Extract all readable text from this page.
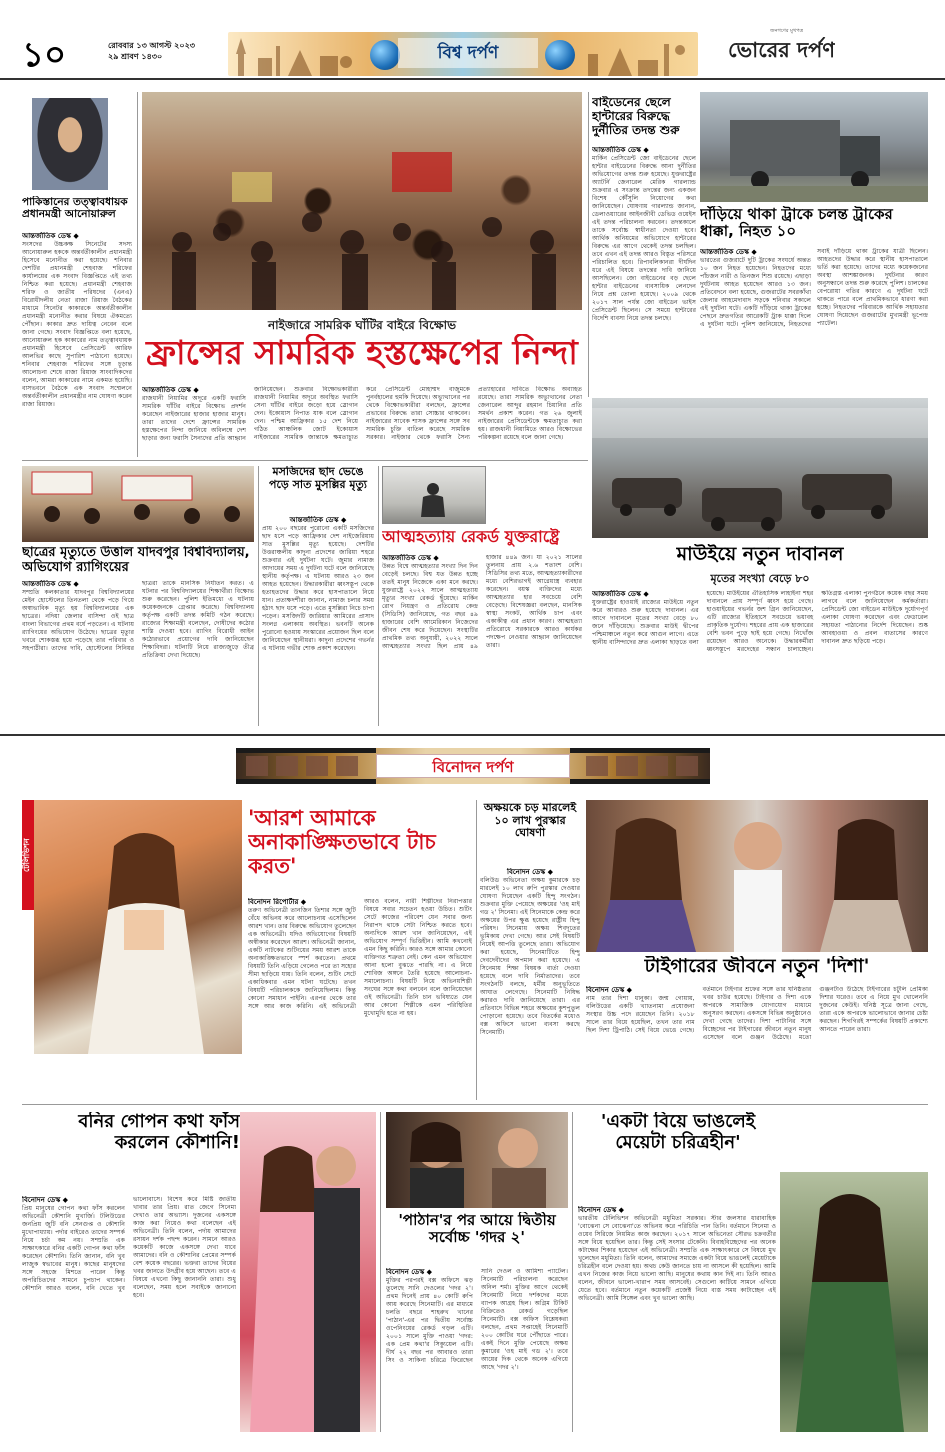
১০	রোববার ১৩ আগস্ট ২০২৩
২৯ শ্রাবণ ১৪৩০	বিশ্ব দর্পণ
জনগণের মুখপত্র
ভোরের দর্পণ
পাকিস্তানের তত্ত্বাবধায়ক প্রধানমন্ত্রী আনোয়ারুল
আন্তর্জাতিক ডেস্ক ◆
সংসদের উচ্চকক্ষ সিনেটের সদস্য আনোয়ারুল হককে অন্তর্বর্তীকালীন প্রধানমন্ত্রী হিসেবে মনোনীত করা হয়েছে। শনিবার দেশটির প্রধানমন্ত্রী শেহবাজ শরিফের কার্যালয়ের এক সংবাদ বিজ্ঞপ্তিতে এই তথ্য নিশ্চিত করা হয়েছে। প্রধানমন্ত্রী শেহবাজ শরিফ ও জাতীয় পরিষদের (এনএ) বিরোধীদলীয় নেতা রাজা রিয়াজ বৈঠকের মাধ্যমে সিনেটর কাকারকে অন্তর্বর্তীকালীন প্রধানমন্ত্রী মনোনীত করার বিষয়ে ঐকমত্যে পৌঁছান। কাকার দ্রুত দায়িত্ব নেবেন বলে জানা গেছে। সংবাদ বিজ্ঞপ্তিতে বলা হয়েছে, আনোয়ারুল হক কাকারের নাম তত্ত্বাবধায়ক প্রধানমন্ত্রী হিসেবে প্রেসিডেন্ট আরিফ আলভির কাছে সুপারিশ পাঠানো হয়েছে। শনিবার শেহবাজ শরিফের সঙ্গে চূড়ান্ত আলোচনা শেষে রাজা রিয়াজ সাংবাদিকদের বলেন, আমরা কাকারের নামে একমত হয়েছি। বাসভবনে বৈঠকে এক সংবাদ সম্মেলনে অন্তর্বর্তীকালীন প্রধানমন্ত্রীর নাম ঘোষণা করেন রাজা রিয়াজ।
নাইজারে সামরিক ঘাঁটির বাইরে বিক্ষোভ
ফ্রান্সের সামরিক হস্তক্ষেপের নিন্দা
আন্তর্জাতিক ডেস্ক ◆
রাজধানী নিয়ামির অদূরে একটি ফরাসি সামরিক ঘাঁটির বাইরে বিক্ষোভ প্রদর্শন করেছেন নাইজারের হাজার হাজার মানুষ। তারা তাদের দেশে ফ্রান্সের সামরিক হস্তক্ষেপের নিন্দা জানিয়ে অবিলম্বে দেশ ছাড়ার জন্য ফরাসি সৈন্যদের প্রতি আহ্বান জানিয়েছেন। শুক্রবার বিক্ষোভকারীরা রাজধানী নিয়ামির অদূরে অবস্থিত ফরাসি সেনা ঘাঁটির বাইরে জড়ো হয়ে স্লোগান দেন। ইকোয়াস নিপাত যাক বলে স্লোগান দেন। পশ্চিম আফ্রিকার ১৫ দেশ নিয়ে গঠিত আঞ্চলিক জোট ইকোয়াস নাইজারের সামরিক জান্তাকে ক্ষমতাচ্যুত করে প্রেসিডেন্ট মোহাম্মদ বাজুমকে পুনর্বহালের হুমকি দিয়েছে। অভ্যুত্থানের পর থেকে বিক্ষোভকারীরা বলছেন, ফ্রান্সের প্রভাবের বিরুদ্ধে তারা সোচ্চার থাকবেন। নাইজারের সাবেক শাসক ফ্রান্সের সঙ্গে সব সামরিক চুক্তি বাতিল করেছে সামরিক সরকার। নাইজার থেকে ফরাসি সৈন্য প্রত্যাহারের দাবিতে বিক্ষোভ অব্যাহত রয়েছে। তারা সামরিক অভ্যুত্থানের নেতা জেনারেল আব্দুর রহমান চিয়ানির প্রতি সমর্থন প্রকাশ করেন। গত ২৬ জুলাই নাইজারের প্রেসিডেন্টকে ক্ষমতাচ্যুত করা হয়। রাজধানী নিয়ামিতে আরও বিক্ষোভের পরিকল্পনা রয়েছে বলে জানা গেছে।
বাইডেনের ছেলে হান্টারের বিরুদ্ধে দুর্নীতির তদন্ত শুরু
আন্তর্জাতিক ডেস্ক ◆
মার্কিন প্রেসিডেন্ট জো বাইডেনের ছেলে হান্টার বাইডেনের বিরুদ্ধে আনা দুর্নীতির অভিযোগের তদন্ত শুরু হয়েছে। যুক্তরাষ্ট্রের অ্যাটর্নি জেনারেল মেরিক গারল্যান্ড শুক্রবার এ সংক্রান্ত তদন্তের জন্য একজন বিশেষ কৌঁসুলি নিয়োগের কথা জানিয়েছেন। ঘোষণায় গারল্যান্ড জানান, ডেলাওয়্যারের আইনজীবী ডেভিড ওয়েইস এই তদন্ত পরিচালনা করবেন। তদন্তকালে তাকে সর্বোচ্চ স্বাধীনতা দেওয়া হবে। আর্থিক অনিয়মের অভিযোগে হান্টারের বিরুদ্ধে এর আগে থেকেই তদন্ত চলছিল। তবে এখন এই তদন্ত আরও বিস্তৃত পরিসরে পরিচালিত হবে। রিপাবলিকানরা দীর্ঘদিন ধরে এই বিষয়ে তদন্তের দাবি জানিয়ে আসছিলেন। জো বাইডেনের বড় ছেলে হান্টার বাইডেনের ব্যবসায়িক লেনদেন নিয়ে প্রশ্ন তোলা হয়েছে। ২০০৯ থেকে ২০১৭ সাল পর্যন্ত জো বাইডেন ভাইস প্রেসিডেন্ট ছিলেন। সে সময়ে হান্টারের বিদেশি ব্যবসা নিয়ে তদন্ত চলছে।
দাঁড়িয়ে থাকা ট্রাকে চলন্ত ট্রাকের ধাক্কা, নিহত ১০
আন্তর্জাতিক ডেস্ক ◆
ভারতের গুজরাটে দুটি ট্রাকের সংঘর্ষে অন্তত ১০ জন নিহত হয়েছেন। নিহতদের মধ্যে পাঁচজন নারী ও তিনজন শিশু রয়েছে। এছাড়া দুর্ঘটনায় আহত হয়েছেন আরও ১৩ জন। প্রতিবেদনে বলা হয়েছে, গুজরাটের সবরকাঁথা জেলার আহমেদাবাদ সড়কে শনিবার সকালে এই দুর্ঘটনা ঘটে। একটি দাঁড়িয়ে থাকা ট্রাকের পেছনে দ্রুতগতির আরেকটি ট্রাক ধাক্কা দিলে এ দুর্ঘটনা ঘটে। পুলিশ জানিয়েছে, নিহতদের সবাই দাঁড়িয়ে থাকা ট্রাকের যাত্রী ছিলেন। আহতদের উদ্ধার করে স্থানীয় হাসপাতালে ভর্তি করা হয়েছে। তাদের মধ্যে কয়েকজনের অবস্থা আশঙ্কাজনক। দুর্ঘটনার কারণ অনুসন্ধানে তদন্ত শুরু করেছে পুলিশ। চালকের বেপরোয়া গতির কারণে এ দুর্ঘটনা ঘটে থাকতে পারে বলে প্রাথমিকভাবে ধারণা করা হচ্ছে। নিহতদের পরিবারকে আর্থিক সহায়তার ঘোষণা দিয়েছেন গুজরাটের মুখ্যমন্ত্রী ভূপেন্দ্র প্যাটেল।
ছাত্রের মৃত্যুতে উত্তাল যাদবপুর বিশ্ববিদ্যালয়, অভিযোগ র‍্যাগিংয়ের
আন্তর্জাতিক ডেস্ক ◆
সম্প্রতি কলকাতার যাদবপুর বিশ্ববিদ্যালয়ের মেইন হোস্টেলের তিনতলা থেকে পড়ে গিয়ে অস্বাভাবিক মৃত্যু হয় বিশ্ববিদ্যালয়ের এক ছাত্রের। নদিয়া জেলার বাসিন্দা ওই ছাত্র বাংলা বিভাগের প্রথম বর্ষে পড়তেন। এ ঘটনায় র‍্যাগিংয়ের অভিযোগ উঠেছে। ছাত্রের মৃত্যুর খবরে শোকস্তব্ধ হয়ে পড়েছে তার পরিবার ও সহপাঠীরা। তাদের দাবি, হোস্টেলের সিনিয়র ছাত্ররা তাকে মানসিক নির্যাতন করত। এ ঘটনার পর বিশ্ববিদ্যালয়ের শিক্ষার্থীরা বিক্ষোভ শুরু করেছেন। পুলিশ ইতিমধ্যে এ ঘটনায় কয়েকজনকে গ্রেপ্তার করেছে। বিশ্ববিদ্যালয় কর্তৃপক্ষ একটি তদন্ত কমিটি গঠন করেছে। রাজ্যের শিক্ষামন্ত্রী বলেছেন, দোষীদের কঠোর শাস্তি দেওয়া হবে। র‍্যাগিং বিরোধী আইন কঠোরভাবে প্রয়োগের দাবি জানিয়েছেন শিক্ষাবিদরা। ঘটনাটি নিয়ে রাজ্যজুড়ে তীব্র প্রতিক্রিয়া দেখা দিয়েছে।
মসজিদের ছাদ ভেঙে পড়ে সাত মুসল্লির মৃত্যু
আন্তর্জাতিক ডেস্ক ◆
প্রায় ২০০ বছরের পুরোনো একটি মসজিদের ছাদ ধসে পড়ে আফ্রিকার দেশ নাইজেরিয়ায় সাত মুসল্লির মৃত্যু হয়েছে। দেশটির উত্তরাঞ্চলীয় কাদুনা প্রদেশের জারিয়া শহরে শুক্রবার এই দুর্ঘটনা ঘটে। জুমার নামাজ আদায়ের সময় এ দুর্ঘটনা ঘটে বলে জানিয়েছে স্থানীয় কর্তৃপক্ষ। এ ঘটনায় আরও ২৩ জন আহত হয়েছেন। উদ্ধারকারীরা ধ্বংসস্তূপ থেকে হতাহতদের উদ্ধার করে হাসপাতালে নিয়ে যান। প্রত্যক্ষদর্শীরা জানান, নামাজ চলার সময় হঠাৎ ছাদ ধসে পড়ে। এতে মুসল্লিরা নিচে চাপা পড়েন। মসজিদটি জারিয়ার আমিরের প্রাসাদ সংলগ্ন এলাকায় অবস্থিত। ভবনটি অনেক পুরোনো হওয়ায় সংস্কারের প্রয়োজন ছিল বলে জানিয়েছেন স্থানীয়রা। কাদুনা প্রদেশের গভর্নর এ ঘটনায় গভীর শোক প্রকাশ করেছেন।
আত্মহত্যায় রেকর্ড যুক্তরাষ্ট্রে
আন্তর্জাতিক ডেস্ক ◆
উন্নত বিশ্বে আত্মহত্যার সংখ্যা দিন দিন বেড়েই চলছে। বিশ্ব যত উন্নত হচ্ছে ততই মানুষ নিজেকে একা মনে করছে। যুক্তরাষ্ট্রে ২০২২ সালে আত্মহত্যায় মৃত্যুর সংখ্যা রেকর্ড ছুঁয়েছে। মার্কিন রোগ নিয়ন্ত্রণ ও প্রতিরোধ কেন্দ্র (সিডিসি) জানিয়েছে, গত বছর ৪৯ হাজারের বেশি আমেরিকান নিজেদের জীবন শেষ করে দিয়েছেন। সংস্থাটির প্রাথমিক তথ্য অনুযায়ী, ২০২২ সালে আত্মহত্যার সংখ্যা ছিল প্রায় ৪৯ হাজার ৪৪৯ জন। যা ২০২১ সালের তুলনায় প্রায় ২.৬ শতাংশ বেশি। সিডিসির তথ্য মতে, আত্মহত্যাকারীদের মধ্যে বেশিরভাগই আগ্নেয়াস্ত্র ব্যবহার করেছেন। বয়স্ক ব্যক্তিদের মধ্যে আত্মহত্যার হার সবচেয়ে বেশি বেড়েছে। বিশেষজ্ঞরা বলছেন, মানসিক স্বাস্থ্য সংকট, আর্থিক চাপ এবং একাকীত্ব এর প্রধান কারণ। আত্মহত্যা প্রতিরোধে সরকারকে আরও কার্যকর পদক্ষেপ নেওয়ার আহ্বান জানিয়েছেন তারা।
মাউইয়ে নতুন দাবানল
মৃতের সংখ্যা বেড়ে ৮০
আন্তর্জাতিক ডেস্ক ◆
যুক্তরাষ্ট্রের হাওয়াই রাজ্যের মাউইয়ে নতুন করে আবারও শুরু হয়েছে দাবানল। এর আগে দাবানলে মৃতের সংখ্যা বেড়ে ৮০ জনে দাঁড়িয়েছে। শুক্রবার মাউই দ্বীপের পশ্চিমাঞ্চলে নতুন করে আগুন লাগে। এতে স্থানীয় বাসিন্দাদের দ্রুত এলাকা ছাড়তে বলা হয়েছে। মাউইয়ের ঐতিহাসিক লাহাইনা শহর দাবানলে প্রায় সম্পূর্ণ ধ্বংস হয়ে গেছে। হাওয়াইয়ের গভর্নর জশ গ্রিন জানিয়েছেন, এটি রাজ্যের ইতিহাসে সবচেয়ে ভয়াবহ প্রাকৃতিক দুর্যোগ। শহরের প্রায় এক হাজারের বেশি ভবন পুড়ে ছাই হয়ে গেছে। নিখোঁজ রয়েছেন আরও অনেকে। উদ্ধারকর্মীরা ধ্বংসস্তূপে মরদেহের সন্ধান চালাচ্ছেন। ক্ষতিগ্রস্ত এলাকা পুনর্গঠনে কয়েক বছর সময় লাগবে বলে জানিয়েছেন কর্মকর্তারা। প্রেসিডেন্ট জো বাইডেন মাউইকে দুর্যোগপূর্ণ এলাকা ঘোষণা করেছেন এবং ফেডারেল সহায়তা পাঠানোর নির্দেশ দিয়েছেন। শুষ্ক আবহাওয়া ও প্রবল বাতাসের কারণে দাবানল দ্রুত ছড়িয়ে পড়ে।
বিনোদন দর্পণ
টেলিভিশন
'আরশ আমাকে অনাকাঙ্ক্ষিতভাবে টাচ করত'
বিনোদন রিপোর্টার ◆
তরুণ অভিনেত্রী তানজিন তিশার সঙ্গে জুটি বেঁধে অভিনয় করে আলোচনায় এসেছিলেন আরশ খান। তার বিরুদ্ধে অভিযোগ তুলেছেন এক অভিনেত্রী। যদিও অভিযোগের বিষয়টি অস্বীকার করেছেন আরশ। অভিনেত্রী জানান, একটি নাটকের শুটিংয়ের সময় আরশ তাকে অনাকাঙ্ক্ষিতভাবে স্পর্শ করতেন। প্রথমে বিষয়টি তিনি এড়িয়ে গেলেও পরে তা সহ্যের সীমা ছাড়িয়ে যায়। তিনি বলেন, শুটিং সেটে একাধিকবার এমন ঘটনা ঘটেছে। তখন বিষয়টি পরিচালককে জানিয়েছিলাম। কিন্তু কোনো সমাধান পাইনি। এরপর থেকে তার সঙ্গে আর কাজ করিনি। এই অভিনেত্রী আরও বলেন, নারী শিল্পীদের নিরাপত্তার বিষয়ে সবার সচেতন হওয়া উচিত। শুটিং সেটে কাজের পরিবেশ যেন সবার জন্য নিরাপদ থাকে সেটা নিশ্চিত করতে হবে। অন্যদিকে আরশ খান জানিয়েছেন, এই অভিযোগ সম্পূর্ণ ভিত্তিহীন। আমি কখনোই এমন কিছু করিনি। কারও সঙ্গে আমার কোনো ব্যক্তিগত শত্রুতা নেই। কেন এমন অভিযোগ আনা হলো বুঝতে পারছি না। এ নিয়ে শোবিজ অঙ্গনে তৈরি হয়েছে আলোচনা-সমালোচনা। বিষয়টি নিয়ে অভিনয়শিল্পী সংঘের সঙ্গে কথা বলবেন বলে জানিয়েছেন ওই অভিনেত্রী। তিনি চান ভবিষ্যতে যেন আর কোনো শিল্পীকে এমন পরিস্থিতির মুখোমুখি হতে না হয়।
অক্ষয়কে চড় মারলেই ১০ লাখ পুরস্কার ঘোষণা
বিনোদন ডেস্ক ◆
বলিউড অভিনেতা অক্ষয় কুমারকে চড় মারলেই ১০ লাখ রুপি পুরস্কার দেওয়ার ঘোষণা দিয়েছেন একটি হিন্দু সংগঠন। শুক্রবার মুক্তি পেয়েছে অক্ষয়ের 'ওহ মাই গড ২' সিনেমা। এই সিনেমাকে কেন্দ্র করে অক্ষয়ের উপর ক্ষুব্ধ হয়েছে রাষ্ট্রীয় হিন্দু পরিষদ। সিনেমায় অক্ষয় শিবদূতের ভূমিকায় দেখা গেছে। আর সেই বিষয়টি নিয়েই আপত্তি তুলেছে তারা। অভিযোগ করা হয়েছে, সিনেমাটিতে হিন্দু দেবদেবীদের অপমান করা হয়েছে। এ সিনেমায় শিক্ষা বিষয়ক বার্তা দেওয়া হয়েছে বলে দাবি নির্মাতাদের। তবে সংগঠনটি বলছে, ধর্মীয় অনুভূতিতে আঘাত লেগেছে। সিনেমাটি নিষিদ্ধ করারও দাবি জানিয়েছে তারা। এর প্রতিবাদে বিভিন্ন শহরে অক্ষয়ের কুশপুতুল পোড়ানো হয়েছে। তবে বিতর্কের মধ্যেও বক্স অফিসে ভালো ব্যবসা করছে সিনেমাটি।
টাইগারের জীবনে নতুন 'দিশা'
বিনোদন ডেস্ক ◆
নাম তার দিশা ধানুকা। জন্ম গোয়ায়, বলিউডের একটি খ্যাতনামা প্রযোজনা সংস্থার উচ্চ পদে রয়েছেন তিনি। ২০১৮ সালে তার বিয়ে হয়েছিল, তখন তার নাম ছিল দিশা ট্রিপাঠি। সেই বিয়ে ভেঙে গেছে। বর্তমানে টাইগার শ্রফের সঙ্গে তার ঘনিষ্ঠতার খবর চাউর হয়েছে। টাইগার ও দিশা একে অপরকে সামাজিক যোগাযোগ মাধ্যমে অনুসরণ করছেন। একসঙ্গে বিভিন্ন অনুষ্ঠানেও দেখা গেছে তাদের। দিশা পাটানির সঙ্গে বিচ্ছেদের পর টাইগারের জীবনে নতুন মানুষ এসেছেন বলে গুঞ্জন উঠেছে। মতো গুঞ্জনটাও উঠেছে টাইগারের চটুলি প্রেমিকা দিশার ঘরেও। তবে এ নিয়ে মুখ খোলেননি দুজনের কেউই। ঘনিষ্ঠ সূত্রে জানা গেছে, তারা একে অপরকে ভালোভাবে জানার চেষ্টা করছেন। শিগগিরই সম্পর্কের বিষয়টি প্রকাশ্যে আনতে পারেন তারা।
বনির গোপন কথা ফাঁস করলেন কৌশানি!
বিনোদন ডেস্ক ◆
প্রিয় মানুষের গোপন কথা ফাঁস করলেন অভিনেত্রী কৌশানি মুখার্জি। টলিউডের জনপ্রিয় জুটি বনি সেনগুপ্ত ও কৌশানি মুখোপাধ্যায়। পর্দার বাইরেও তাদের সম্পর্ক নিয়ে চর্চা কম নয়। সম্প্রতি এক সাক্ষাৎকারে বনির একটি গোপন কথা ফাঁস করেছেন কৌশানি। তিনি জানান, বনি খুব লাজুক স্বভাবের মানুষ। কাছের মানুষদের সঙ্গে সহজে মিশতে পারেন কিন্তু অপরিচিতদের সামনে চুপচাপ থাকেন। কৌশানি আরও বলেন, বনি খেতে খুব ভালোবাসে। বিশেষ করে মিষ্টি জাতীয় খাবার তার প্রিয়। রাত জেগে সিনেমা দেখাও তার অভ্যাস। দুজনের একসঙ্গে কাজ করা নিয়েও কথা বলেছেন এই অভিনেত্রী। তিনি বলেন, পর্দায় আমাদের রসায়ন দর্শক পছন্দ করেন। সামনে আরও কয়েকটি কাজে একসঙ্গে দেখা যাবে আমাদের। বনি ও কৌশানির প্রেমের সম্পর্ক বেশ কয়েক বছরের। ভক্তরা তাদের বিয়ের খবর জানতে উদগ্রীব হয়ে আছেন। তবে এ বিষয়ে এখনো কিছু জানাননি তারা। শুধু বলেছেন, সময় হলে সবাইকে জানানো হবে।
'পাঠান'র পর আয়ে দ্বিতীয় সর্বোচ্চ 'গদর ২'
বিনোদন ডেস্ক ◆
মুক্তির পরপরই বক্স অফিসে ঝড় তুলেছে সানি দেওলের 'গদর ২'। প্রথম দিনেই প্রায় ৪০ কোটি রুপি আয় করেছে সিনেমাটি। এর মাধ্যমে চলতি বছরে শাহরুখ খানের 'পাঠান'-এর পর দ্বিতীয় সর্বোচ্চ ওপেনিংয়ের রেকর্ড গড়ল এটি। ২০০১ সালে মুক্তি পাওয়া 'গদর: এক প্রেম কথা'র সিক্যুয়েল এটি। দীর্ঘ ২২ বছর পর আবারও তারা সিং ও সাকিনা চরিত্রে ফিরেছেন সানি দেওল ও আমিশা প্যাটেল। সিনেমাটি পরিচালনা করেছেন অনিল শর্মা। মুক্তির আগে থেকেই সিনেমাটি নিয়ে দর্শকদের মধ্যে ব্যাপক আগ্রহ ছিল। অগ্রিম টিকিট বিক্রিতেও রেকর্ড গড়েছিল সিনেমাটি। বক্স অফিস বিশ্লেষকরা বলছেন, প্রথম সপ্তাহেই সিনেমাটি ২০০ কোটির ঘরে পৌঁছাতে পারে। একই দিনে মুক্তি পেয়েছে অক্ষয় কুমারের 'ওহ মাই গড ২'। তবে আয়ের দিক থেকে অনেক এগিয়ে আছে 'গদর ২'।
'একটা বিয়ে ভাঙলেই মেয়েটা চরিত্রহীন'
বিনোদন ডেস্ক ◆
ভারতীয় টেলিভিশন অভিনেত্রী মধুমিতা সরকার। স্টার জলসার ধারাবাহিক 'বোঝেনা সে বোঝেনা'তে অভিনয় করে পরিচিতি পান তিনি। বর্তমানে সিনেমা ও ওয়েব সিরিজে নিয়মিত কাজ করছেন। ২০১৭ সালে অভিনেতা সৌরভ চক্রবর্তীর সঙ্গে বিয়ে হয়েছিল তার। কিন্তু সেই সংসার টেকেনি। বিবাহবিচ্ছেদের পর অনেক কটাক্ষের শিকার হয়েছেন এই অভিনেত্রী। সম্প্রতি এক সাক্ষাৎকারে সে বিষয়ে মুখ খুলেছেন মধুমিতা। তিনি বলেন, আমাদের সমাজে একটা বিয়ে ভাঙলেই মেয়েটাকে চরিত্রহীন বলে দেওয়া হয়। অথচ কেউ জানতে চায় না আসলে কী হয়েছিল। আমি এখন নিজের কাজ নিয়ে ভালো আছি। মানুষের কথায় কান দিই না। তিনি আরও বলেন, জীবনে ভালো-খারাপ সময় আসবেই। সেগুলো কাটিয়ে সামনে এগিয়ে যেতে হবে। বর্তমানে নতুন কয়েকটি প্রজেক্ট নিয়ে ব্যস্ত সময় কাটাচ্ছেন এই অভিনেত্রী। আমি সিঙ্গেল এবং খুব ভালো আছি।
